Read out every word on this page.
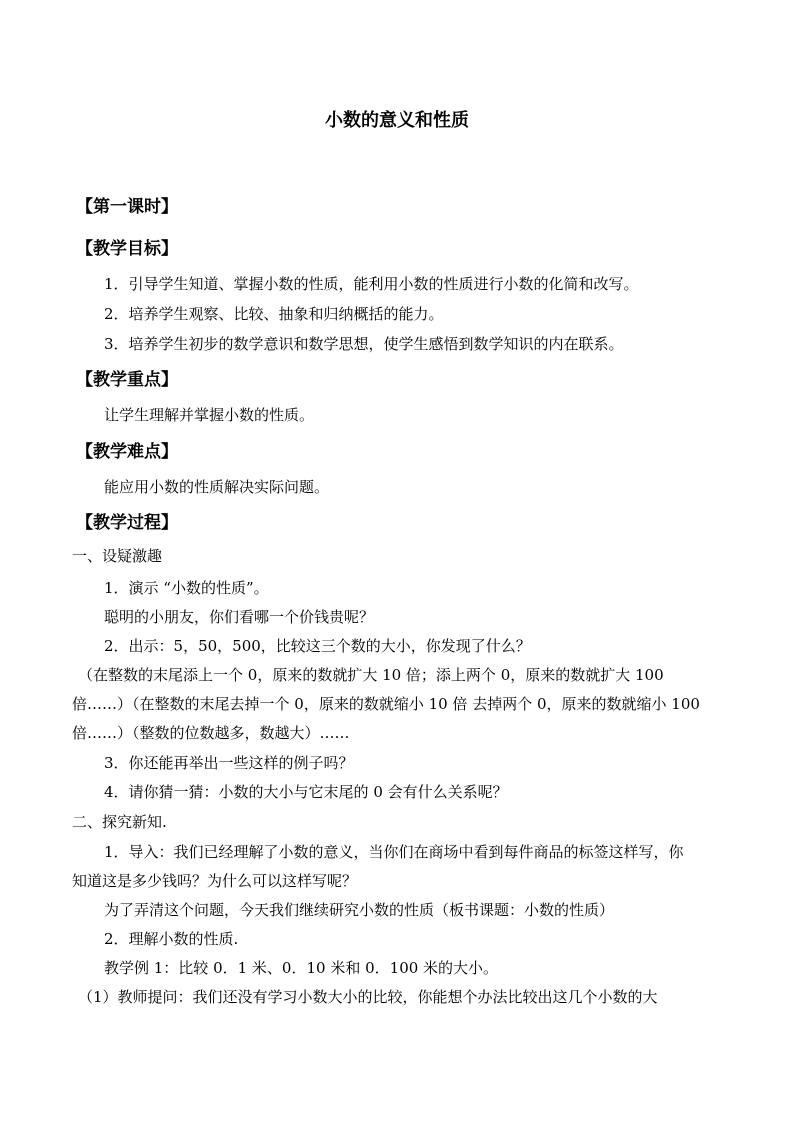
小数的意义和性质
【第一课时】
【教学目标】
1．引导学生知道、掌握小数的性质，能利用小数的性质进行小数的化简和改写。
2．培养学生观察、比较、抽象和归纳概括的能力。
3．培养学生初步的数学意识和数学思想，使学生感悟到数学知识的内在联系。
【教学重点】
让学生理解并掌握小数的性质。
【教学难点】
能应用小数的性质解决实际问题。
【教学过程】
一、设疑激趣
1．演示 “小数的性质”。
聪明的小朋友，你们看哪一个价钱贵呢？
2．出示：5，50，500，比较这三个数的大小，你发现了什么？
（在整数的末尾添上一个 0，原来的数就扩大 10 倍；添上两个 0，原来的数就扩大 100
倍……）（在整数的末尾去掉一个 0，原来的数就缩小 10 倍 去掉两个 0，原来的数就缩小 100
倍……）（整数的位数越多，数越大）……
3．你还能再举出一些这样的例子吗？
4．请你猜一猜：小数的大小与它末尾的 0 会有什么关系呢？
二、探究新知.
1．导入：我们已经理解了小数的意义，当你们在商场中看到每件商品的标签这样写，你
知道这是多少钱吗？为什么可以这样写呢？
为了弄清这个问题，今天我们继续研究小数的性质（板书课题：小数的性质）
2．理解小数的性质.
教学例 1：比较 0．1 米、0．10 米和 0．100 米的大小。
（1）教师提问：我们还没有学习小数大小的比较，你能想个办法比较出这几个小数的大
